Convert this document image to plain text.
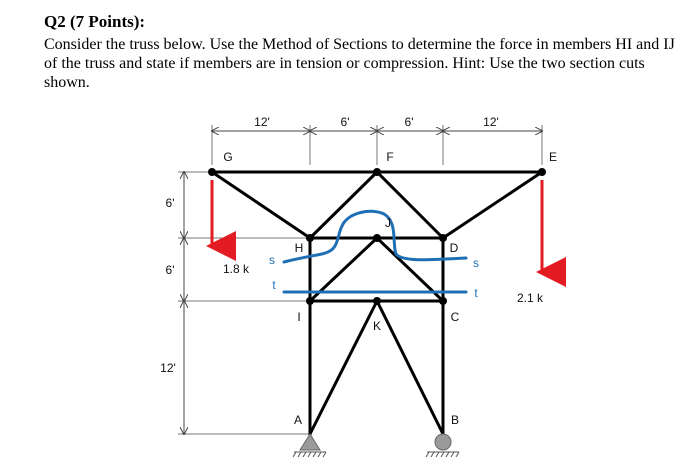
Q2 (7 Points):
Consider the truss below. Use the Method of Sections to determine the force in members HI and IJ of the truss and state if members are in tension or compression. Hint: Use the two section cuts shown.
12'	6'	6'	12'
6'
6'
12'
1.8 k
2.1 k
G	F	E
H
J
D
I
K
C
A	B
s	s
t
t
